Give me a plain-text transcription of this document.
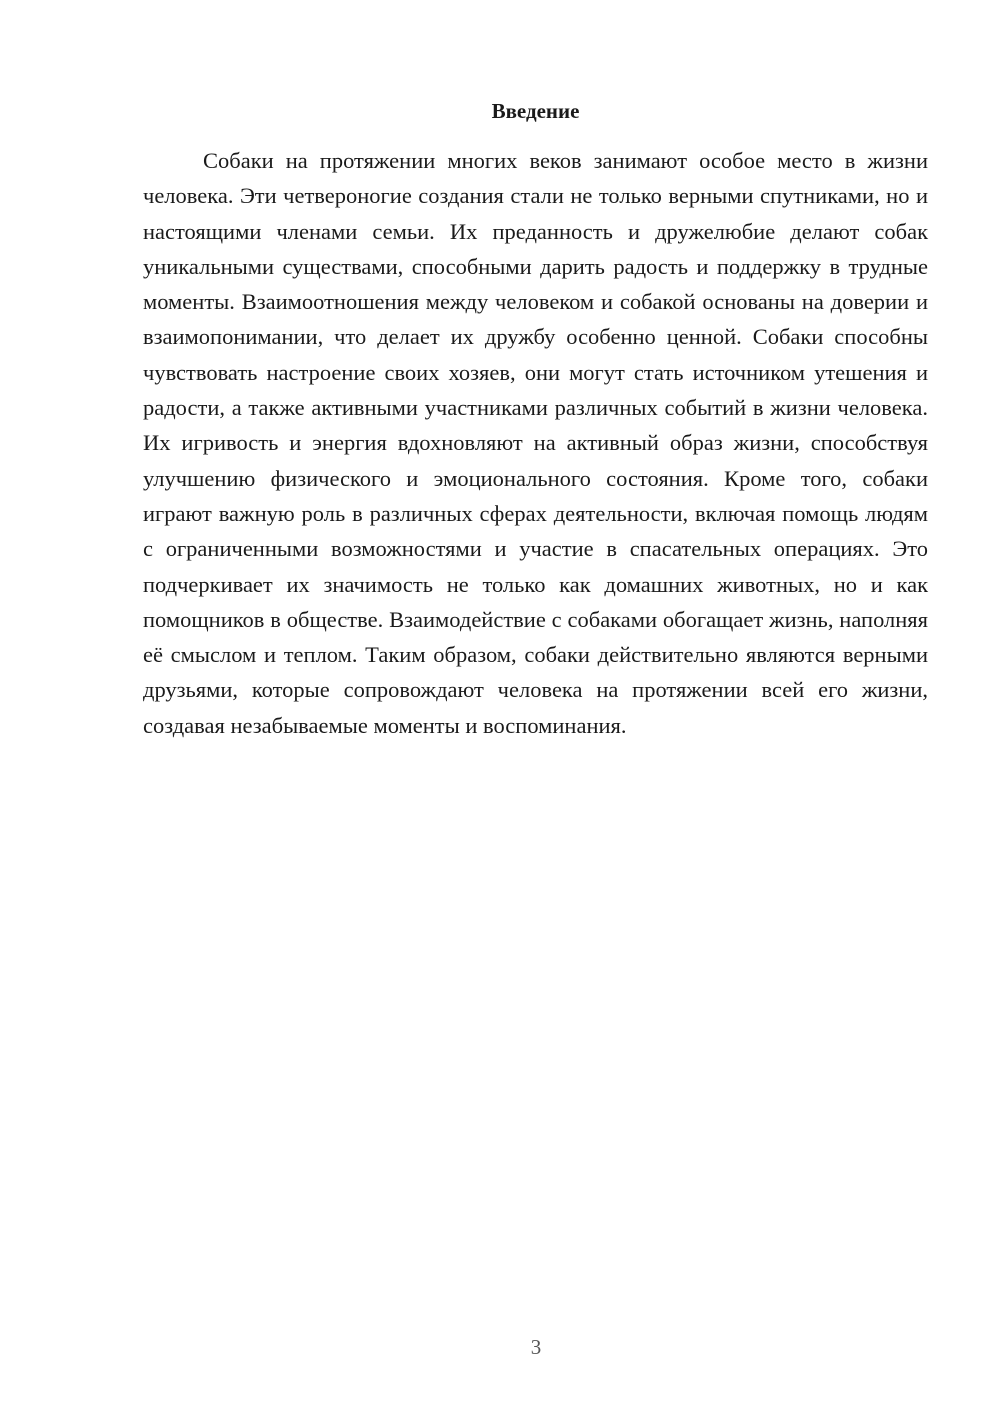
Введение

Собаки на протяжении многих веков занимают особое место в жизни человека. Эти четвероногие создания стали не только верными спутниками, но и настоящими членами семьи. Их преданность и дружелюбие делают собак уникальными существами, способными дарить радость и поддержку в трудные моменты. Взаимоотношения между человеком и собакой основаны на доверии и взаимопонимании, что делает их дружбу особенно ценной. Собаки способны чувствовать настроение своих хозяев, они могут стать источником утешения и радости, а также активными участниками различных событий в жизни человека. Их игривость и энергия вдохновляют на активный образ жизни, способствуя улучшению физического и эмоционального состояния. Кроме того, собаки играют важную роль в различных сферах деятельности, включая помощь людям с ограниченными возможностями и участие в спасательных операциях. Это подчеркивает их значимость не только как домашних животных, но и как помощников в обществе. Взаимодействие с собаками обогащает жизнь, наполняя её смыслом и теплом. Таким образом, собаки действительно являются верными друзьями, которые сопровождают человека на протяжении всей его жизни, создавая незабываемые моменты и воспоминания.

3
